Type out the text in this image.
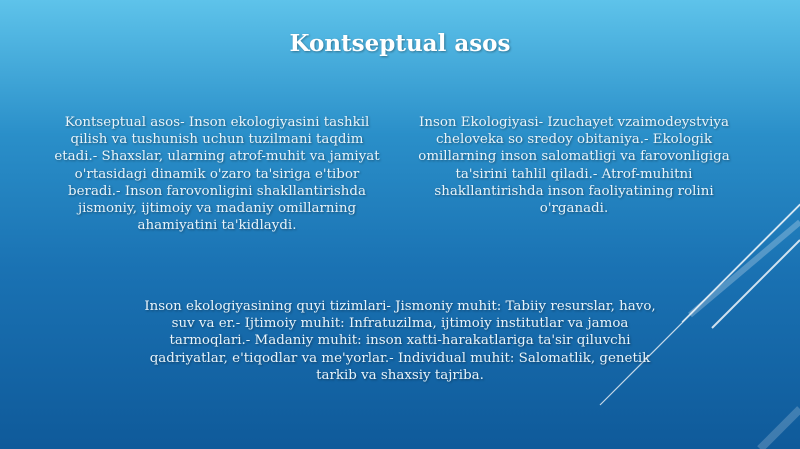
Kontseptual asos
Kontseptual asos- Inson ekologiyasini tashkil qilish va tushunish uchun tuzilmani taqdim etadi.- Shaxslar, ularning atrof-muhit va jamiyat o'rtasidagi dinamik o'zaro ta'siriga e'tibor beradi.- Inson farovonligini shakllantirishda jismoniy, ijtimoiy va madaniy omillarning ahamiyatini ta'kidlaydi.
Inson Ekologiyasi- Izuchayet vzaimodeystviya cheloveka so sredoy obitaniya.- Ekologik omillarning inson salomatligi va farovonligiga ta'sirini tahlil qiladi.- Atrof-muhitni shakllantirishda inson faoliyatining rolini o'rganadi.
Inson ekologiyasining quyi tizimlari- Jismoniy muhit: Tabiiy resurslar, havo, suv va er.- Ijtimoiy muhit: Infratuzilma, ijtimoiy institutlar va jamoa tarmoqlari.- Madaniy muhit: inson xatti-harakatlariga ta'sir qiluvchi qadriyatlar, e'tiqodlar va me'yorlar.- Individual muhit: Salomatlik, genetik tarkib va shaxsiy tajriba.
